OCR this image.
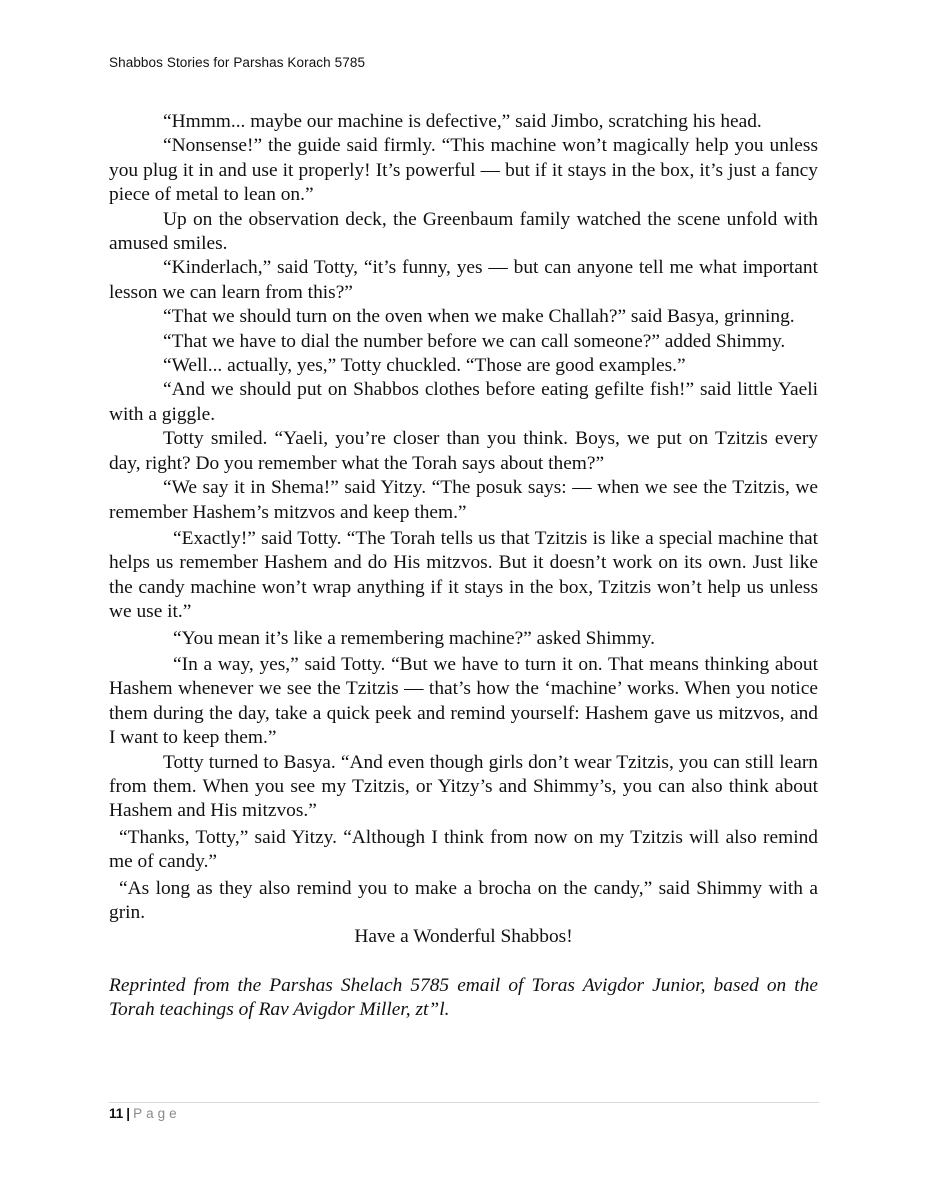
Shabbos Stories for Parshas Korach 5785

“Hmmm... maybe our machine is defective,” said Jimbo, scratching his head.

“Nonsense!” the guide said firmly. “This machine won’t magically help you unless you plug it in and use it properly! It’s powerful — but if it stays in the box, it’s just a fancy piece of metal to lean on.”

Up on the observation deck, the Greenbaum family watched the scene unfold with amused smiles.

“Kinderlach,” said Totty, “it’s funny, yes — but can anyone tell me what important lesson we can learn from this?”

“That we should turn on the oven when we make Challah?” said Basya, grinning.

“That we have to dial the number before we can call someone?” added Shimmy.

“Well... actually, yes,” Totty chuckled. “Those are good examples.”

“And we should put on Shabbos clothes before eating gefilte fish!” said little Yaeli with a giggle.

Totty smiled. “Yaeli, you’re closer than you think. Boys, we put on Tzitzis every day, right? Do you remember what the Torah says about them?”

“We say it in Shema!” said Yitzy. “The posuk says: — when we see the Tzitzis, we remember Hashem’s mitzvos and keep them.”

“Exactly!” said Totty. “The Torah tells us that Tzitzis is like a special machine that helps us remember Hashem and do His mitzvos. But it doesn’t work on its own. Just like the candy machine won’t wrap anything if it stays in the box, Tzitzis won’t help us unless we use it.”

“You mean it’s like a remembering machine?” asked Shimmy.

“In a way, yes,” said Totty. “But we have to turn it on. That means thinking about Hashem whenever we see the Tzitzis — that’s how the ‘machine’ works. When you notice them during the day, take a quick peek and remind yourself: Hashem gave us mitzvos, and I want to keep them.”

Totty turned to Basya. “And even though girls don’t wear Tzitzis, you can still learn from them. When you see my Tzitzis, or Yitzy’s and Shimmy’s, you can also think about Hashem and His mitzvos.”

“Thanks, Totty,” said Yitzy. “Although I think from now on my Tzitzis will also remind me of candy.”

“As long as they also remind you to make a brocha on the candy,” said Shimmy with a grin.

Have a Wonderful Shabbos!

Reprinted from the Parshas Shelach 5785 email of Toras Avigdor Junior, based on the Torah teachings of Rav Avigdor Miller, zt”l.

11 | Page
